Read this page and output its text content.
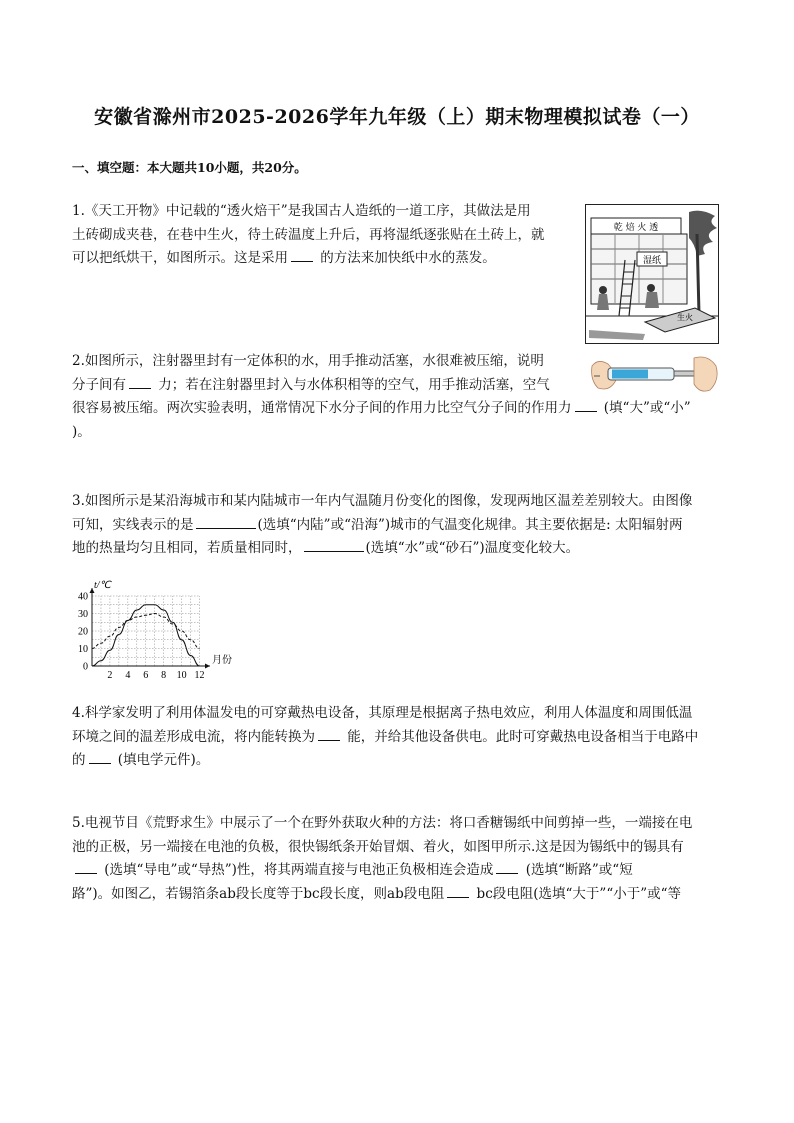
安徽省滁州市2025-2026学年九年级（上）期末物理模拟试卷（一）
一、填空题：本大题共10小题，共20分。
1.《天工开物》中记载的“透火焙干”是我国古人造纸的一道工序，其做法是用
土砖砌成夹巷，在巷中生火，待土砖温度上升后，再将湿纸逐张贴在土砖上，就
可以把纸烘干，如图所示。这是采用 的方法来加快纸中水的蒸发。
乾 焙 火 透
湿纸
生火
2.如图所示，注射器里封有一定体积的水，用手推动活塞，水很难被压缩，说明
分子间有 力；若在注射器里封入与水体积相等的空气，用手推动活塞，空气
很容易被压缩。两次实验表明，通常情况下水分子间的作用力比空气分子间的作用力 (填“大”或“小”
)。
3.如图所示是某沿海城市和某内陆城市一年内气温随月份变化的图像，发现两地区温差差别较大。由图像
可知，实线表示的是	(选填“内陆”或“沿海”)城市的气温变化规律。其主要依据是: 太阳辐射两
地的热量均匀且相同，若质量相同时，	(选填“水”或“砂石”)温度变化较大。
0
10
20
30
40
2 4 6 8 10 12
t/℃
月份
4.科学家发明了利用体温发电的可穿戴热电设备，其原理是根据离子热电效应，利用人体温度和周围低温
环境之间的温差形成电流，将内能转换为 能，并给其他设备供电。此时可穿戴热电设备相当于电路中
的 (填电学元件)。
5.电视节目《荒野求生》中展示了一个在野外获取火种的方法：将口香糖锡纸中间剪掉一些，一端接在电
池的正极，另一端接在电池的负极，很快锡纸条开始冒烟、着火，如图甲所示.这是因为锡纸中的锡具有
(选填“导电”或“导热”)性，将其两端直接与电池正负极相连会造成 (选填“断路”或“短
路”)。如图乙，若锡箔条ab段长度等于bc段长度，则ab段电阻 bc段电阻(选填“大于”“小于”或“等
